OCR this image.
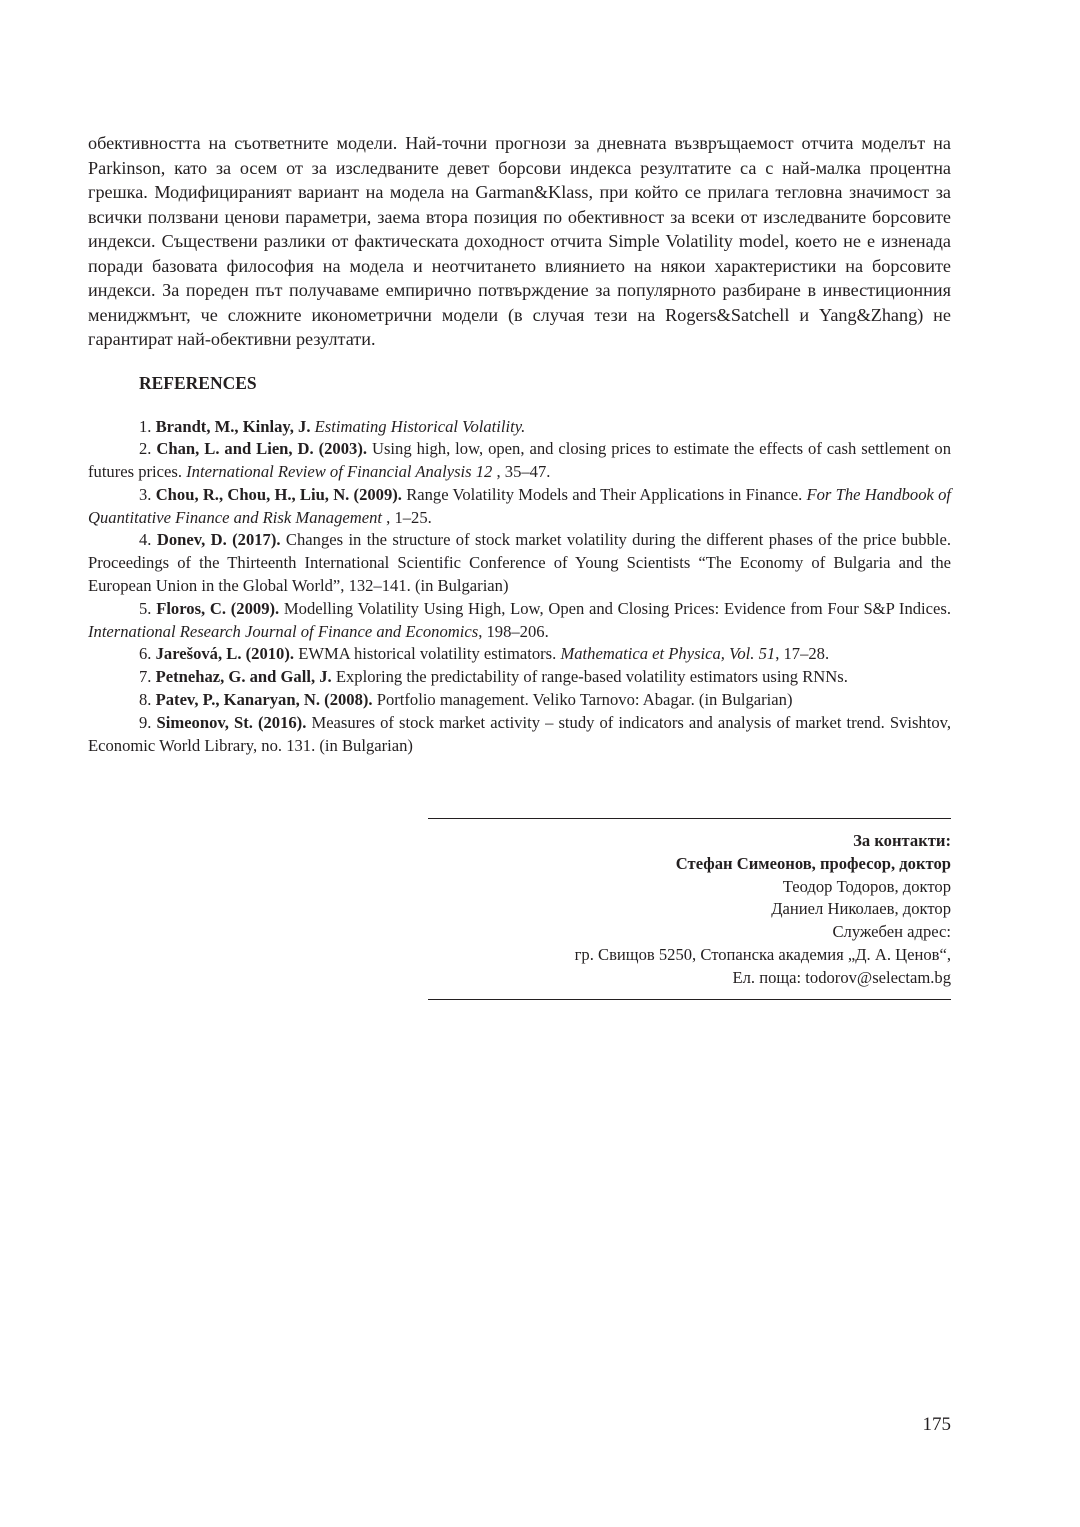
обективността на съответните модели. Най-точни прогнози за дневната възвръщаемост отчита моделът на Parkinson, като за осем от за изследваните девет борсови индекса резултатите са с най-малка процентна грешка. Модифицираният вариант на модела на Garman&Klass, при който се прилага тегловна значимост за всички ползвани ценови параметри, заема втора позиция по обективност за всеки от изследваните борсовите индекси. Съществени разлики от фактическата доходност отчита Simple Volatility model, което не е изненада поради базовата философия на модела и неотчитането влиянието на някои характеристики на борсовите индекси. За пореден път получаваме емпирично потвърждение за популярното разбиране в инвестиционния мениджмънт, че сложните иконометрични модели (в случая тези на Rogers&Satchell и Yang&Zhang) не гарантират най-обективни резултати.

REFERENCES

1. Brandt, M., Kinlay, J. Estimating Historical Volatility.

2. Chan, L. and Lien, D. (2003). Using high, low, open, and closing prices to estimate the effects of cash settlement on futures prices. International Review of Financial Analysis 12 , 35–47.

3. Chou, R., Chou, H., Liu, N. (2009). Range Volatility Models and Their Applications in Finance. For The Handbook of Quantitative Finance and Risk Management , 1–25.

4. Donev, D. (2017). Changes in the structure of stock market volatility during the different phases of the price bubble. Proceedings of the Thirteenth International Scientific Conference of Young Scientists “The Economy of Bulgaria and the European Union in the Global World”, 132–141. (in Bulgarian)

5. Floros, C. (2009). Modelling Volatility Using High, Low, Open and Closing Prices: Evidence from Four S&P Indices. International Research Journal of Finance and Economics, 198–206.

6. Jarešová, L. (2010). EWMA historical volatility estimators. Mathematica et Physica, Vol. 51, 17–28.

7. Petnehaz, G. and Gall, J. Exploring the predictability of range-based volatility estimators using RNNs.

8. Patev, P., Kanaryan, N. (2008). Portfolio management. Veliko Tarnovo: Abagar. (in Bulgarian)

9. Simeonov, St. (2016). Measures of stock market activity – study of indicators and analysis of market trend. Svishtov, Economic World Library, no. 131. (in Bulgarian)

За контакти:
Стефан Симеонов, професор, доктор
Теодор Тодоров, доктор
Даниел Николаев, доктор
Служебен адрес:
гр. Свищов 5250, Стопанска академия „Д. А. Ценов“,
Ел. поща: todorov@selectam.bg
175
